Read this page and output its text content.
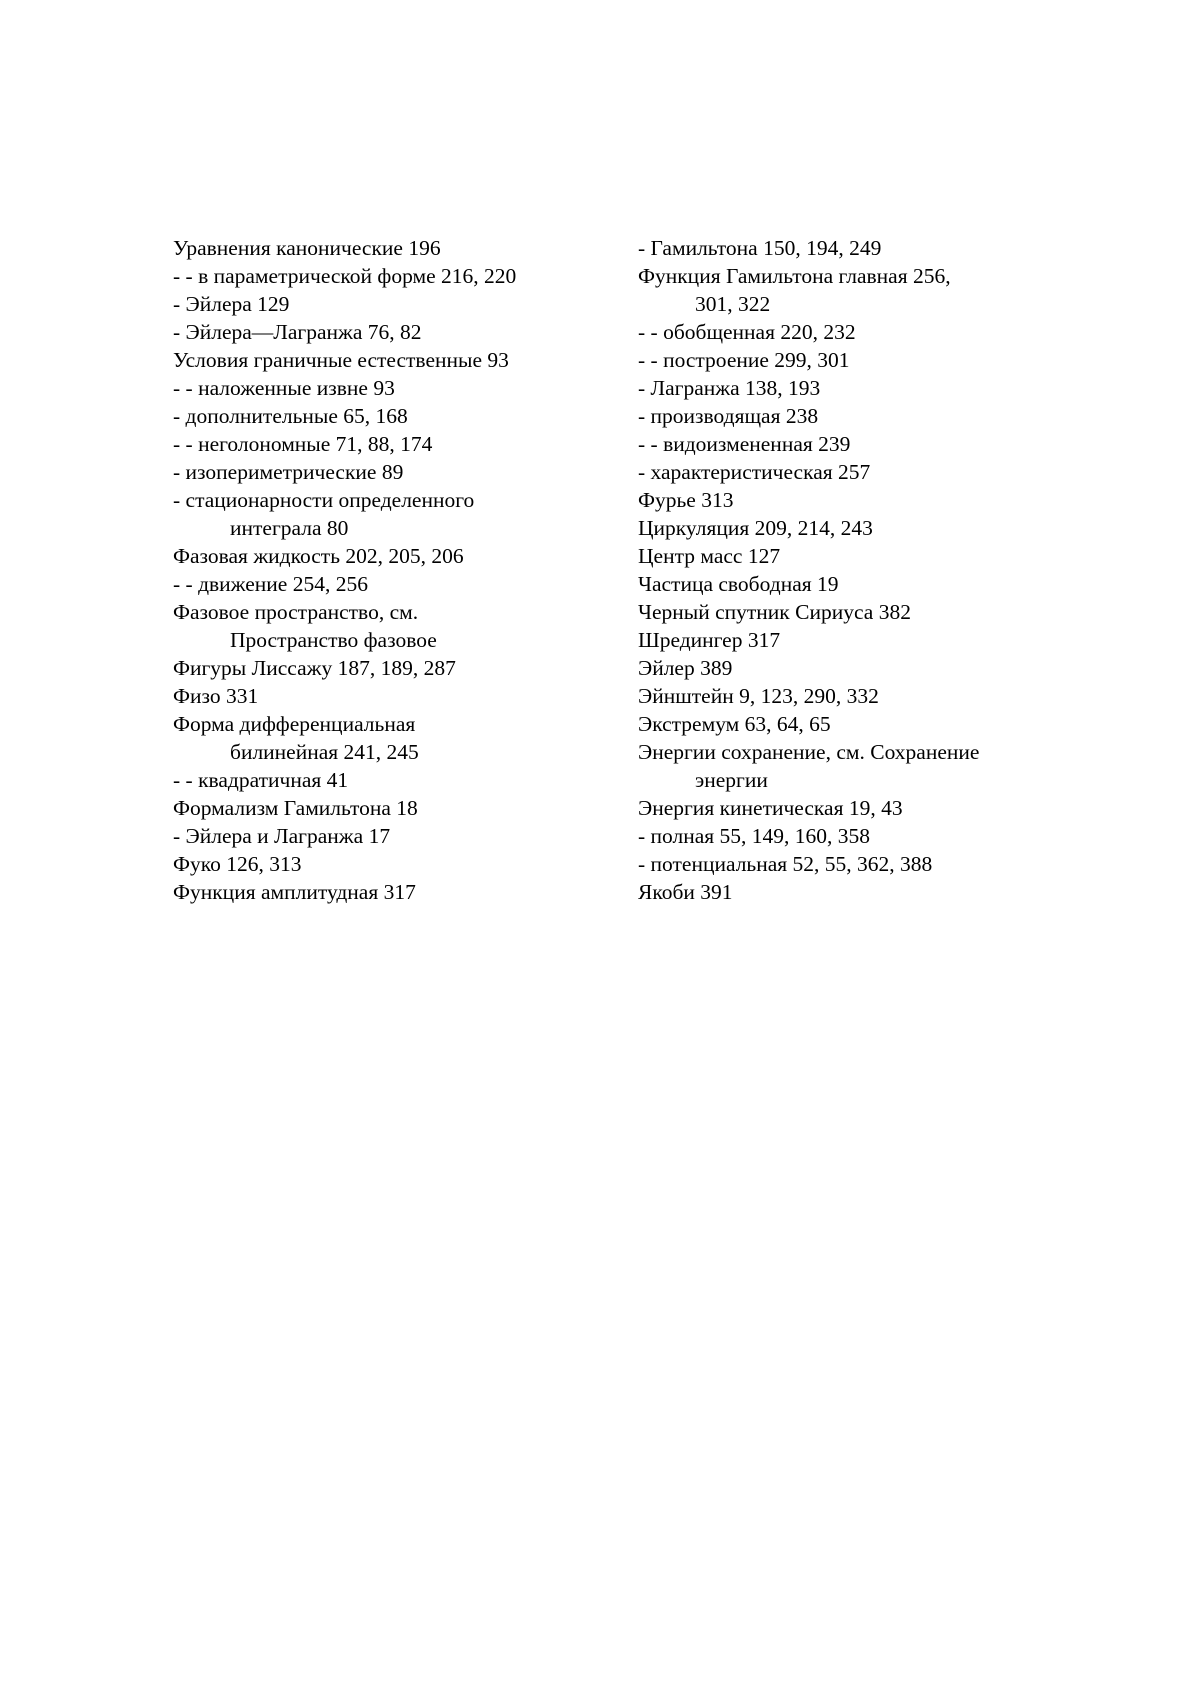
Уравнения канонические 196
- - в параметрической форме 216, 220
- Эйлера 129
- Эйлера—Лагранжа 76, 82
Условия граничные естественные 93
- - наложенные извне 93
- дополнительные 65, 168
- - неголономные 71, 88, 174
- изопериметрические 89
- стационарности определенного
интеграла 80
Фазовая жидкость 202, 205, 206
- - движение 254, 256
Фазовое пространство, см.
Пространство фазовое
Фигуры Лиссажу 187, 189, 287
Физо 331
Форма дифференциальная
билинейная 241, 245
- - квадратичная 41
Формализм Гамильтона 18
- Эйлера и Лагранжа 17
Фуко 126, 313
Функция амплитудная 317
- Гамильтона 150, 194, 249
Функция Гамильтона главная 256,
301, 322
- - обобщенная 220, 232
- - построение 299, 301
- Лагранжа 138, 193
- производящая 238
- - видоизмененная 239
- характеристическая 257
Фурье 313
Циркуляция 209, 214, 243
Центр масс 127
Частица свободная 19
Черный спутник Сириуса 382
Шредингер 317
Эйлер 389
Эйнштейн 9, 123, 290, 332
Экстремум 63, 64, 65
Энергии сохранение, см. Сохранение
энергии
Энергия кинетическая 19, 43
- полная 55, 149, 160, 358
- потенциальная 52, 55, 362, 388
Якоби 391
